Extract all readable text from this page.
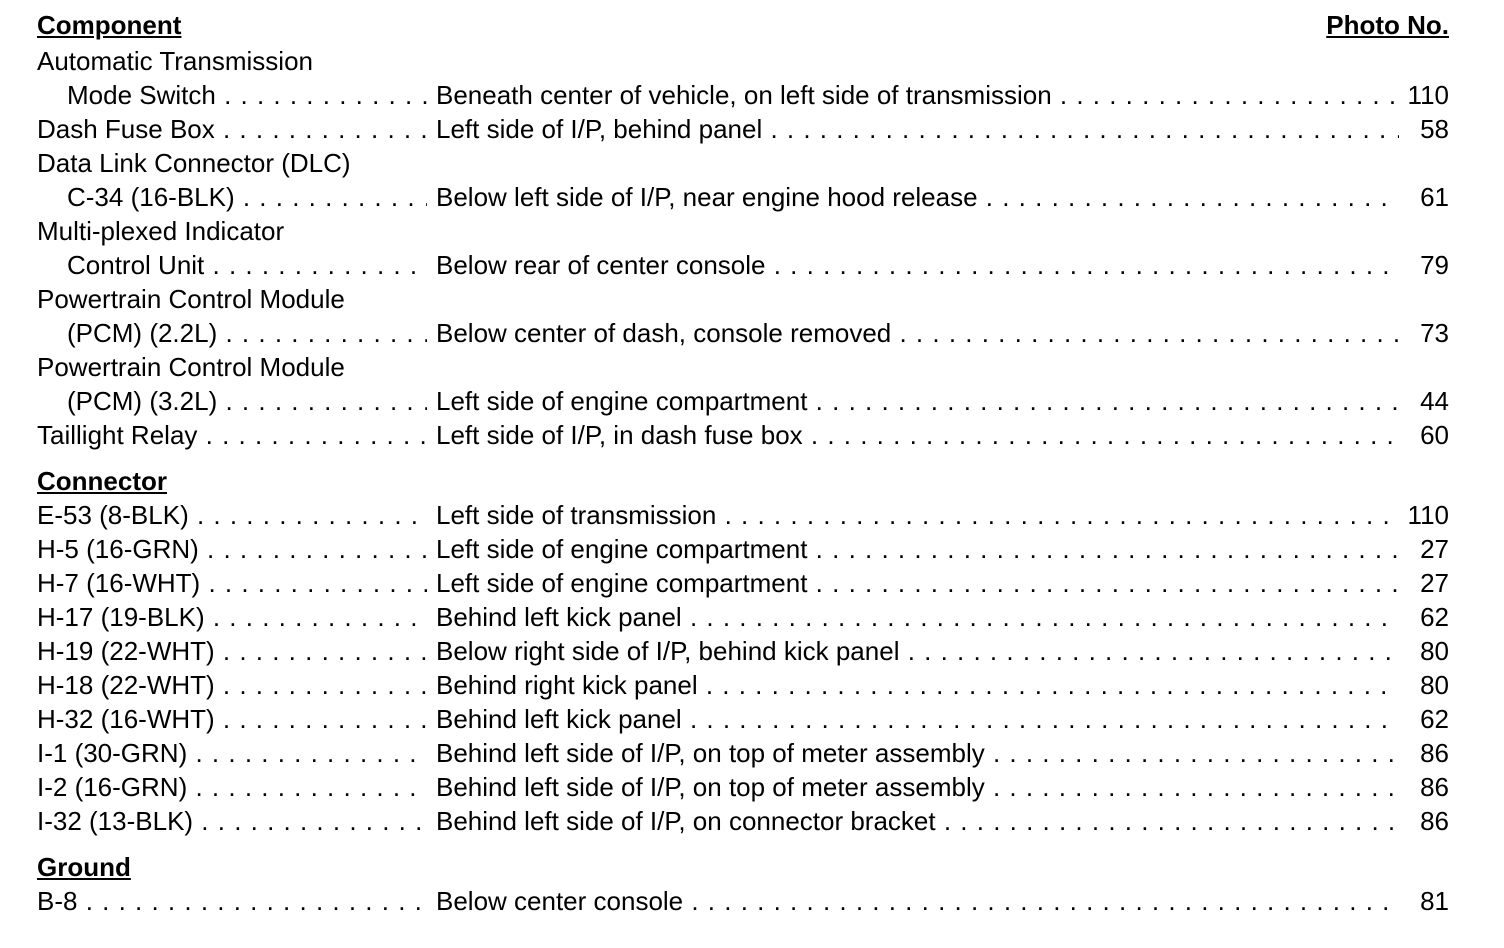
Component	Photo No.
Automatic Transmission
Mode Switch . . .	Beneath center of vehicle, on left side of transmission . . .	110
Dash Fuse Box . . .	Left side of I/P, behind panel . . .	58
Data Link Connector (DLC)
C-34 (16-BLK) . . .	Below left side of I/P, near engine hood release . . .	61
Multi-plexed Indicator
Control Unit . . .	Below rear of center console . . .	79
Powertrain Control Module
(PCM) (2.2L) . . .	Below center of dash, console removed . . .	73
Powertrain Control Module
(PCM) (3.2L) . . .	Left side of engine compartment . . .	44
Taillight Relay . . .	Left side of I/P, in dash fuse box . . .	60
Connector
E-53 (8-BLK) . . .	Left side of transmission . . .	110
H-5 (16-GRN) . . .	Left side of engine compartment . . .	27
H-7 (16-WHT) . . .	Left side of engine compartment . . .	27
H-17 (19-BLK) . . .	Behind left kick panel . . .	62
H-19 (22-WHT) . . .	Below right side of I/P, behind kick panel . . .	80
H-18 (22-WHT) . . .	Behind right kick panel . . .	80
H-32 (16-WHT) . . .	Behind left kick panel . . .	62
I-1 (30-GRN) . . .	Behind left side of I/P, on top of meter assembly . . .	86
I-2 (16-GRN) . . .	Behind left side of I/P, on top of meter assembly . . .	86
I-32 (13-BLK) . . .	Behind left side of I/P, on connector bracket . . .	86
Ground
B-8 . . .	Below center console . . .	81
